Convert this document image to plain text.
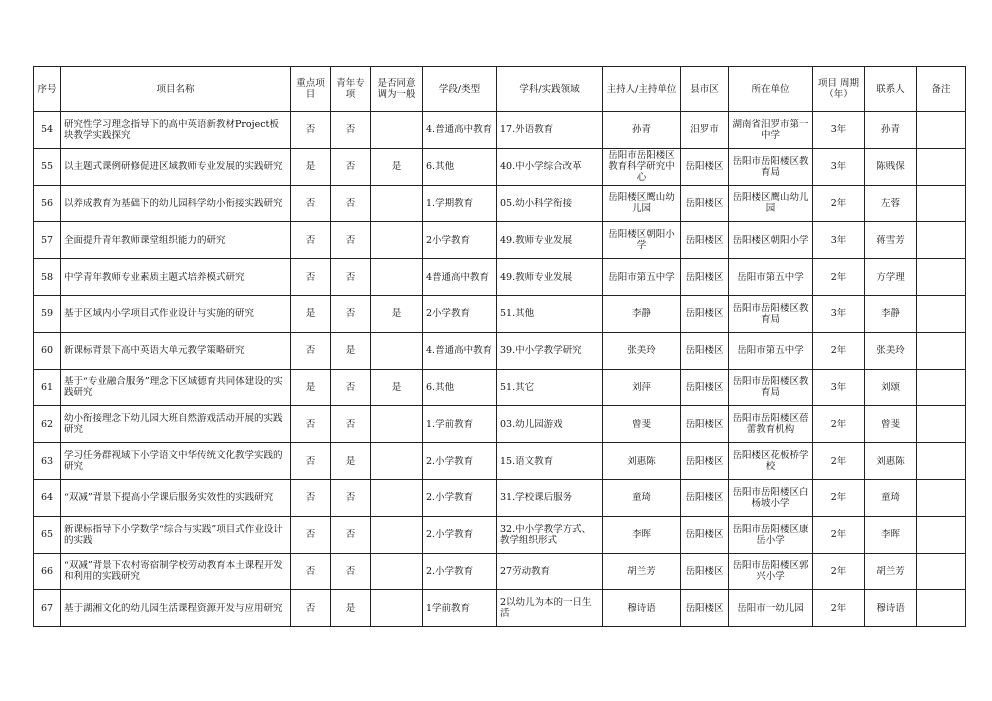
序号	项目名称	重点项目	青年专项	是否同意调为一般	学段/类型	学科/实践领域	主持人/主持单位	县市区	所在单位	项目 周期（年）	联系人	备注

54	研究性学习理念指导下的高中英语新教材Project板块教学实践探究	否	否		4.普通高中教育	17.外语教育	孙青	汨罗市	湖南省汨罗市第一中学	3年	孙青	

55	以主题式课例研修促进区域教师专业发展的实践研究	是	否	是	6.其他	40.中小学综合改革	岳阳市岳阳楼区教育科学研究中心	岳阳楼区	岳阳市岳阳楼区教育局	3年	陈贱保	

56	以养成教育为基础下的幼儿园科学幼小衔接实践研究	否	否		1.学期教育	05.幼小科学衔接	岳阳楼区鹰山幼儿园	岳阳楼区	岳阳楼区鹰山幼儿园	2年	左蓉	

57	全面提升青年教师课堂组织能力的研究	否	否		2小学教育	49.教师专业发展	岳阳楼区朝阳小学	岳阳楼区	岳阳楼区朝阳小学	3年	蒋雪芳	

58	中学青年教师专业素质主题式培养模式研究	否	否		4普通高中教育	49.教师专业发展	岳阳市第五中学	岳阳楼区	岳阳市第五中学	2年	方学理	

59	基于区域内小学项目式作业设计与实施的研究	是	否	是	2小学教育	51.其他	李静	岳阳楼区	岳阳市岳阳楼区教育局	3年	李静	

60	新课标背景下高中英语大单元教学策略研究	否	是		4.普通高中教育	39.中小学教学研究	张美玲	岳阳楼区	岳阳市第五中学	2年	张美玲	

61	基于“专业融合服务”理念下区域德育共同体建设的实践研究	是	否	是	6.其他	51.其它	刘萍	岳阳楼区	岳阳市岳阳楼区教育局	3年	刘颂	

62	幼小衔接理念下幼儿园大班自然游戏活动开展的实践研究	否	否		1.学前教育	03.幼儿园游戏	曾斐	岳阳楼区	岳阳市岳阳楼区蓓蕾教育机构	2年	曾斐	

63	学习任务群视域下小学语文中华传统文化教学实践的研究	否	是		2.小学教育	15.语文教育	刘惠陈	岳阳楼区	岳阳楼区花板桥学校	2年	刘惠陈	

64	“双减”背景下提高小学课后服务实效性的实践研究	否	否		2.小学教育	31.学校课后服务	童琦	岳阳楼区	岳阳市岳阳楼区白杨坡小学	2年	童琦	

65	新课标指导下小学数学“综合与实践”项目式作业设计的实践	否	否		2.小学教育	32.中小学教学方式、教学组织形式	李晖	岳阳楼区	岳阳市岳阳楼区康岳小学	2年	李晖	

66	“双减”背景下农村寄宿制学校劳动教育本土课程开发和利用的实践研究	否	否		2.小学教育	27劳动教育	胡兰芳	岳阳楼区	岳阳市岳阳楼区郭兴小学	2年	胡兰芳	

67	基于湖湘文化的幼儿园生活课程资源开发与应用研究	否	是		1学前教育	2以幼儿为本的一日生活	穆诗语	岳阳楼区	岳阳市一幼儿园	2年	穆诗语	
